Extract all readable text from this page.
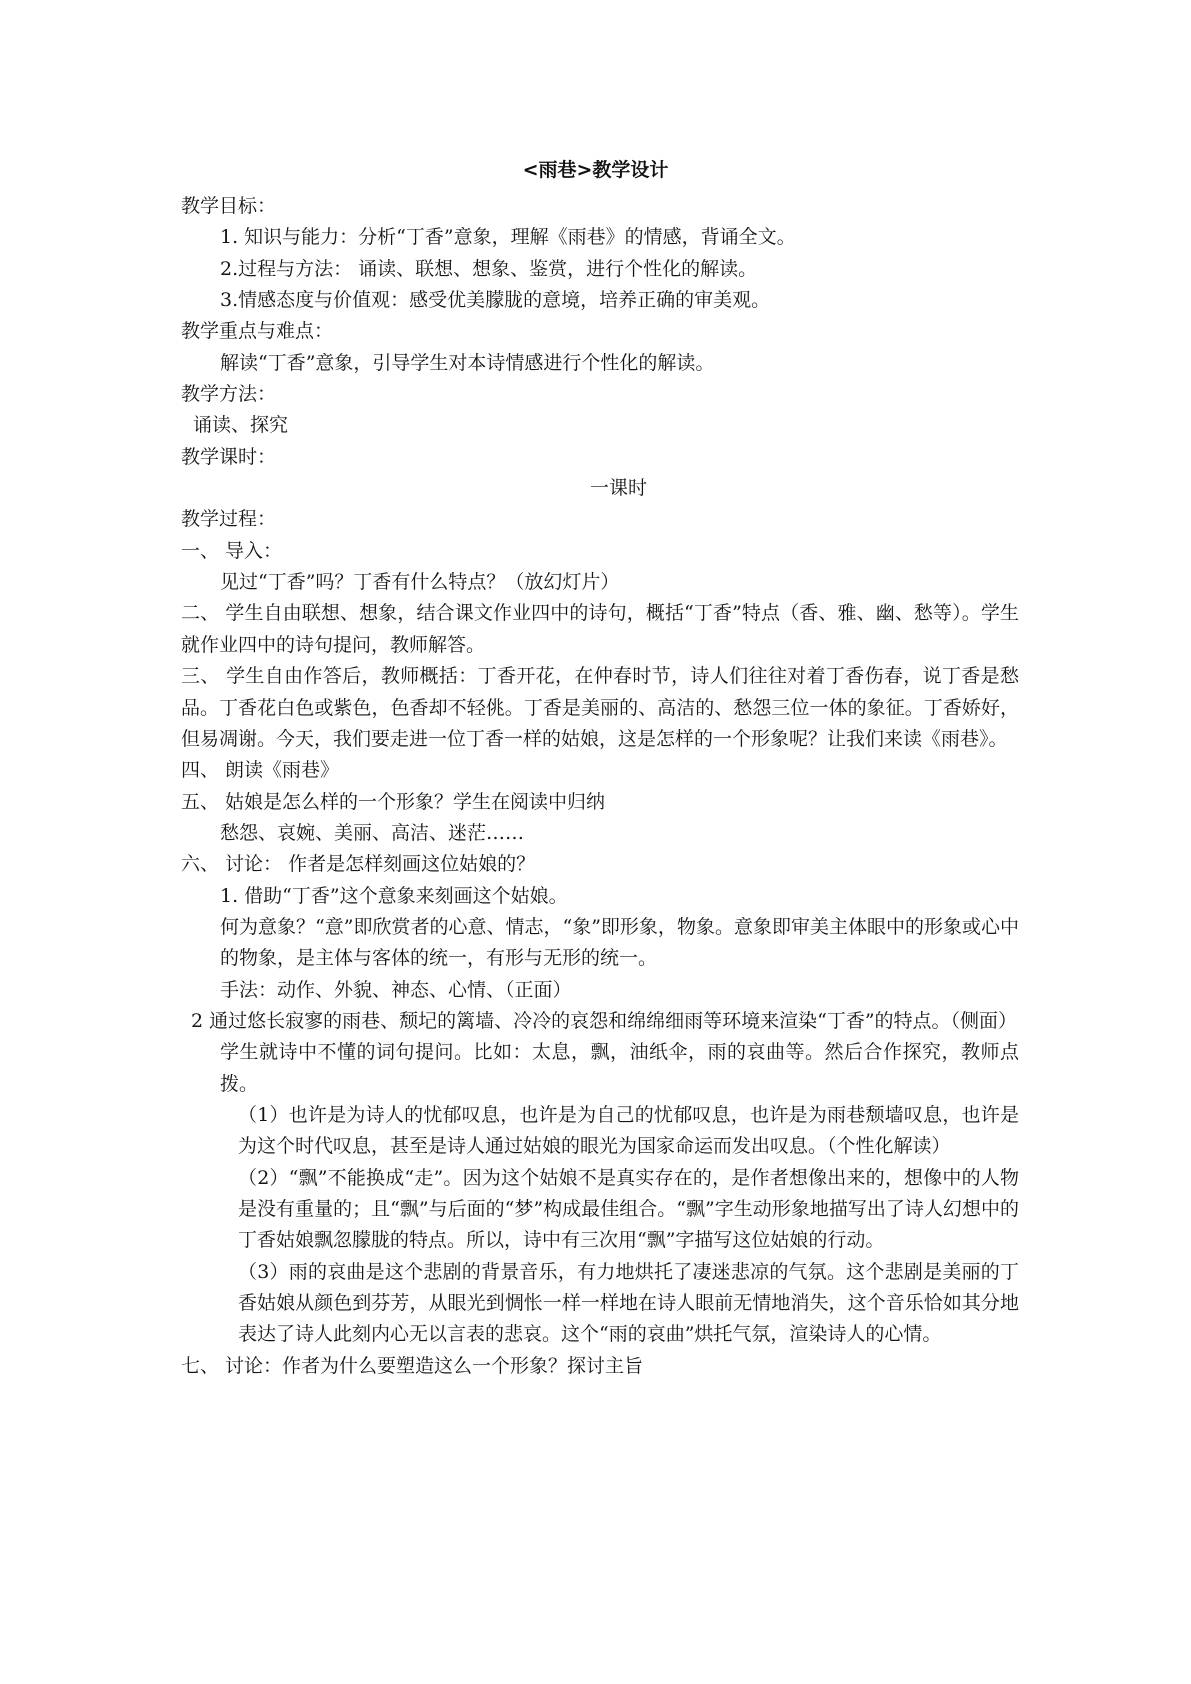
<雨巷>教学设计

教学目标：

1. 知识与能力：分析“丁香”意象，理解《雨巷》的情感，背诵全文。

2.过程与方法： 诵读、联想、想象、鉴赏，进行个性化的解读。

3.情感态度与价值观：感受优美朦胧的意境，培养正确的审美观。

教学重点与难点：

解读“丁香”意象，引导学生对本诗情感进行个性化的解读。

教学方法：

诵读、探究

教学课时：

一课时

教学过程：

一、 导入：

见过“丁香”吗？丁香有什么特点？（放幻灯片）

二、 学生自由联想、想象，结合课文作业四中的诗句，概括“丁香”特点（香、雅、幽、愁等）。学生就作业四中的诗句提问，教师解答。

三、 学生自由作答后，教师概括：丁香开花，在仲春时节，诗人们往往对着丁香伤春，说丁香是愁品。丁香花白色或紫色，色香却不轻佻。丁香是美丽的、高洁的、愁怨三位一体的象征。丁香娇好，但易凋谢。今天，我们要走进一位丁香一样的姑娘，这是怎样的一个形象呢？让我们来读《雨巷》。

四、 朗读《雨巷》

五、 姑娘是怎么样的一个形象？学生在阅读中归纳

愁怨、哀婉、美丽、高洁、迷茫……

六、 讨论： 作者是怎样刻画这位姑娘的？

1. 借助“丁香”这个意象来刻画这个姑娘。

何为意象？“意”即欣赏者的心意、情志，“象”即形象，物象。意象即审美主体眼中的形象或心中的物象，是主体与客体的统一，有形与无形的统一。

手法：动作、外貌、神态、心情、（正面）

2 通过悠长寂寥的雨巷、颓圮的篱墙、冷冷的哀怨和绵绵细雨等环境来渲染“丁香”的特点。（侧面）

学生就诗中不懂的词句提问。比如：太息，飘，油纸伞，雨的哀曲等。然后合作探究，教师点拨。

（1）也许是为诗人的忧郁叹息，也许是为自己的忧郁叹息，也许是为雨巷颓墙叹息，也许是为这个时代叹息，甚至是诗人通过姑娘的眼光为国家命运而发出叹息。（个性化解读）

（2）“飘”不能换成“走”。因为这个姑娘不是真实存在的，是作者想像出来的，想像中的人物是没有重量的；且“飘”与后面的“梦”构成最佳组合。“飘”字生动形象地描写出了诗人幻想中的丁香姑娘飘忽朦胧的特点。所以，诗中有三次用“飘”字描写这位姑娘的行动。

（3）雨的哀曲是这个悲剧的背景音乐，有力地烘托了凄迷悲凉的气氛。这个悲剧是美丽的丁香姑娘从颜色到芬芳，从眼光到惆怅一样一样地在诗人眼前无情地消失，这个音乐恰如其分地表达了诗人此刻内心无以言表的悲哀。这个“雨的哀曲”烘托气氛，渲染诗人的心情。

七、 讨论：作者为什么要塑造这么一个形象？探讨主旨
